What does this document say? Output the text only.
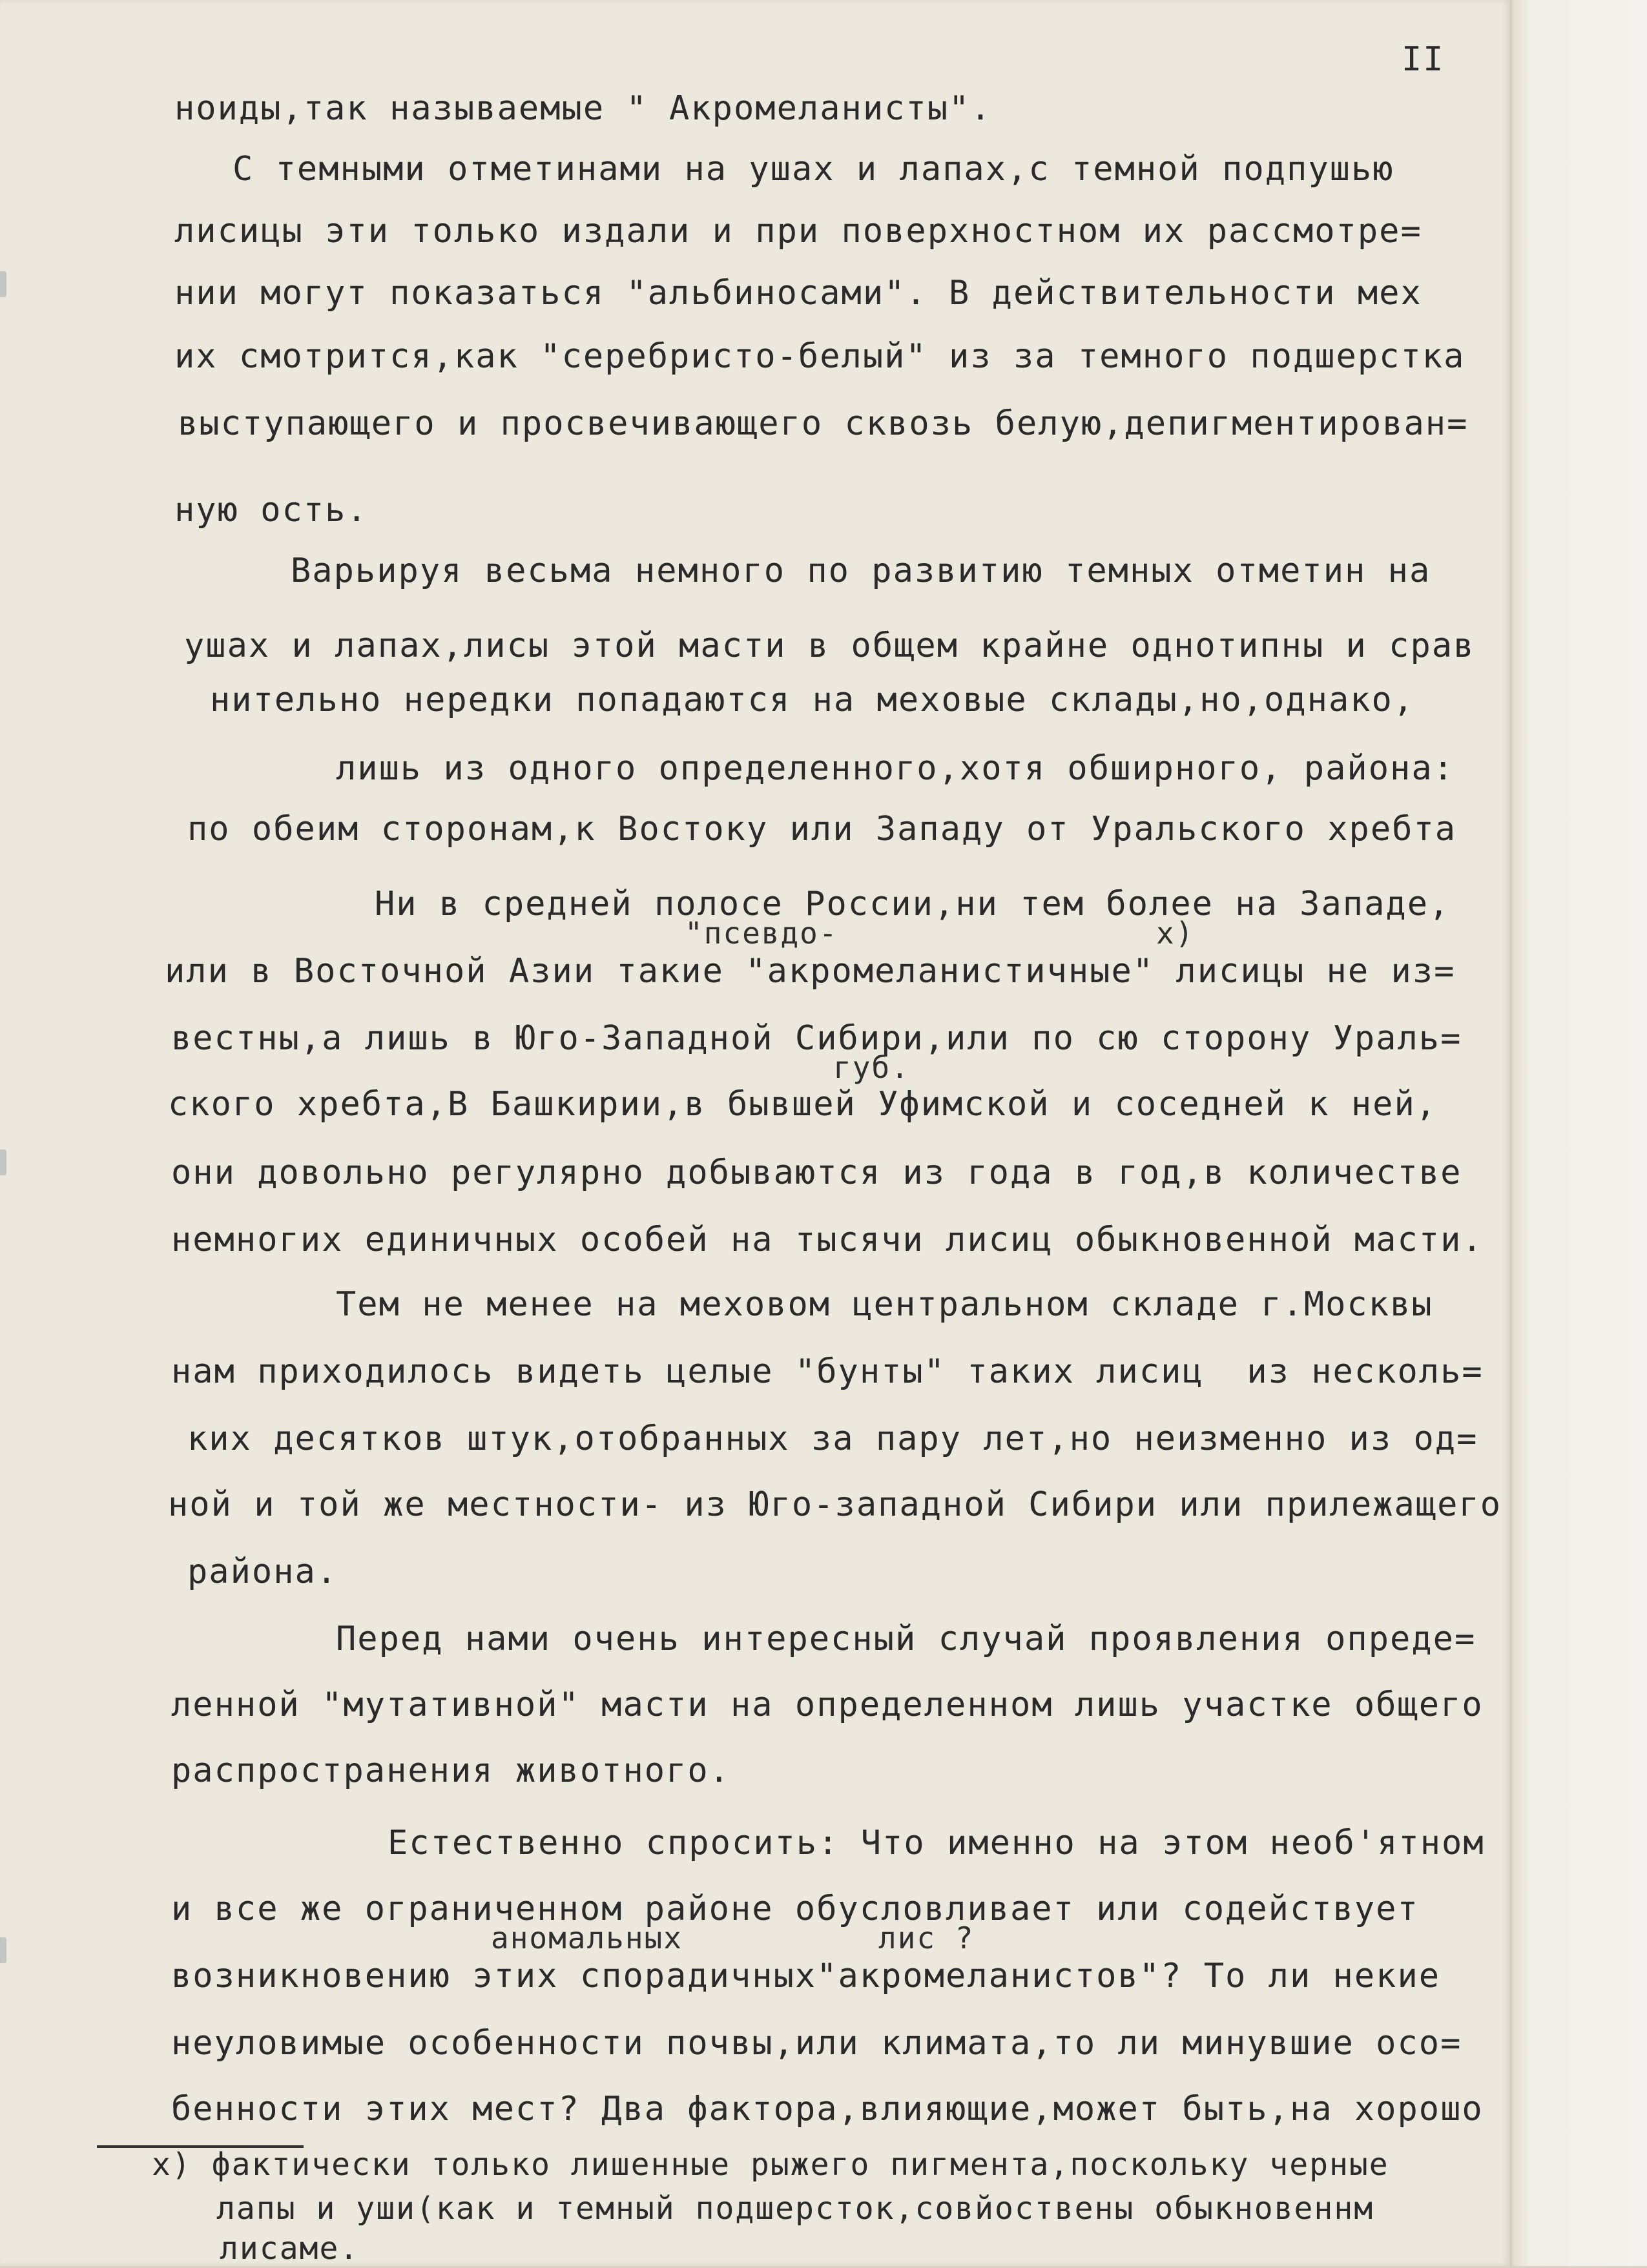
II
ноиды,так называемые " Акромеланисты".
С темными отметинами на ушах и лапах,с темной подпушью
лисицы эти только издали и при поверхностном их рассмотре=
нии могут показаться "альбиносами". В действительности мех
их смотрится,как "серебристо-белый" из за темного подшерстка
выступающего и просвечивающего сквозь белую,депигментирован=
ную ость.
Варьируя весьма немного по развитию темных отметин на
ушах и лапах,лисы этой масти в общем крайне однотипны и срав
нительно нередки попадаются на меховые склады,но,однако,
лишь из одного определенного,хотя обширного, района:
по обеим сторонам,к Востоку или Западу от Уральского хребта
Ни в средней полосе России,ни тем более на Западе,
"псевдо-	х)
или в Восточной Азии такие "акромеланистичные" лисицы не из=
вестны,а лишь в Юго-Западной Сибири,или по сю сторону Ураль=
губ.
ского хребта,В Башкирии,в бывшей Уфимской и соседней к ней,
они довольно регулярно добываются из года в год,в количестве
немногих единичных особей на тысячи лисиц обыкновенной масти.
Тем не менее на меховом центральном складе г.Москвы
нам приходилось видеть целые "бунты" таких лисиц  из несколь=
ких десятков штук,отобранных за пару лет,но неизменно из од=
ной и той же местности- из Юго-западной Сибири или прилежащего
района.
Перед нами очень интересный случай проявления опреде=
ленной "мутативной" масти на определенном лишь участке общего
распространения животного.
Естественно спросить: Что именно на этом необ'ятном
и все же ограниченном районе обусловливает или содействует
аномальных	лис ?
возникновению этих спорадичных"акромеланистов"? То ли некие
неуловимые особенности почвы,или климата,то ли минувшие осо=
бенности этих мест? Два фактора,влияющие,может быть,на хорошо
х) фактически только лишенные рыжего пигмента,поскольку черные
лапы и уши(как и темный подшерсток,совйоствены обыкновеннм
лисаме.
